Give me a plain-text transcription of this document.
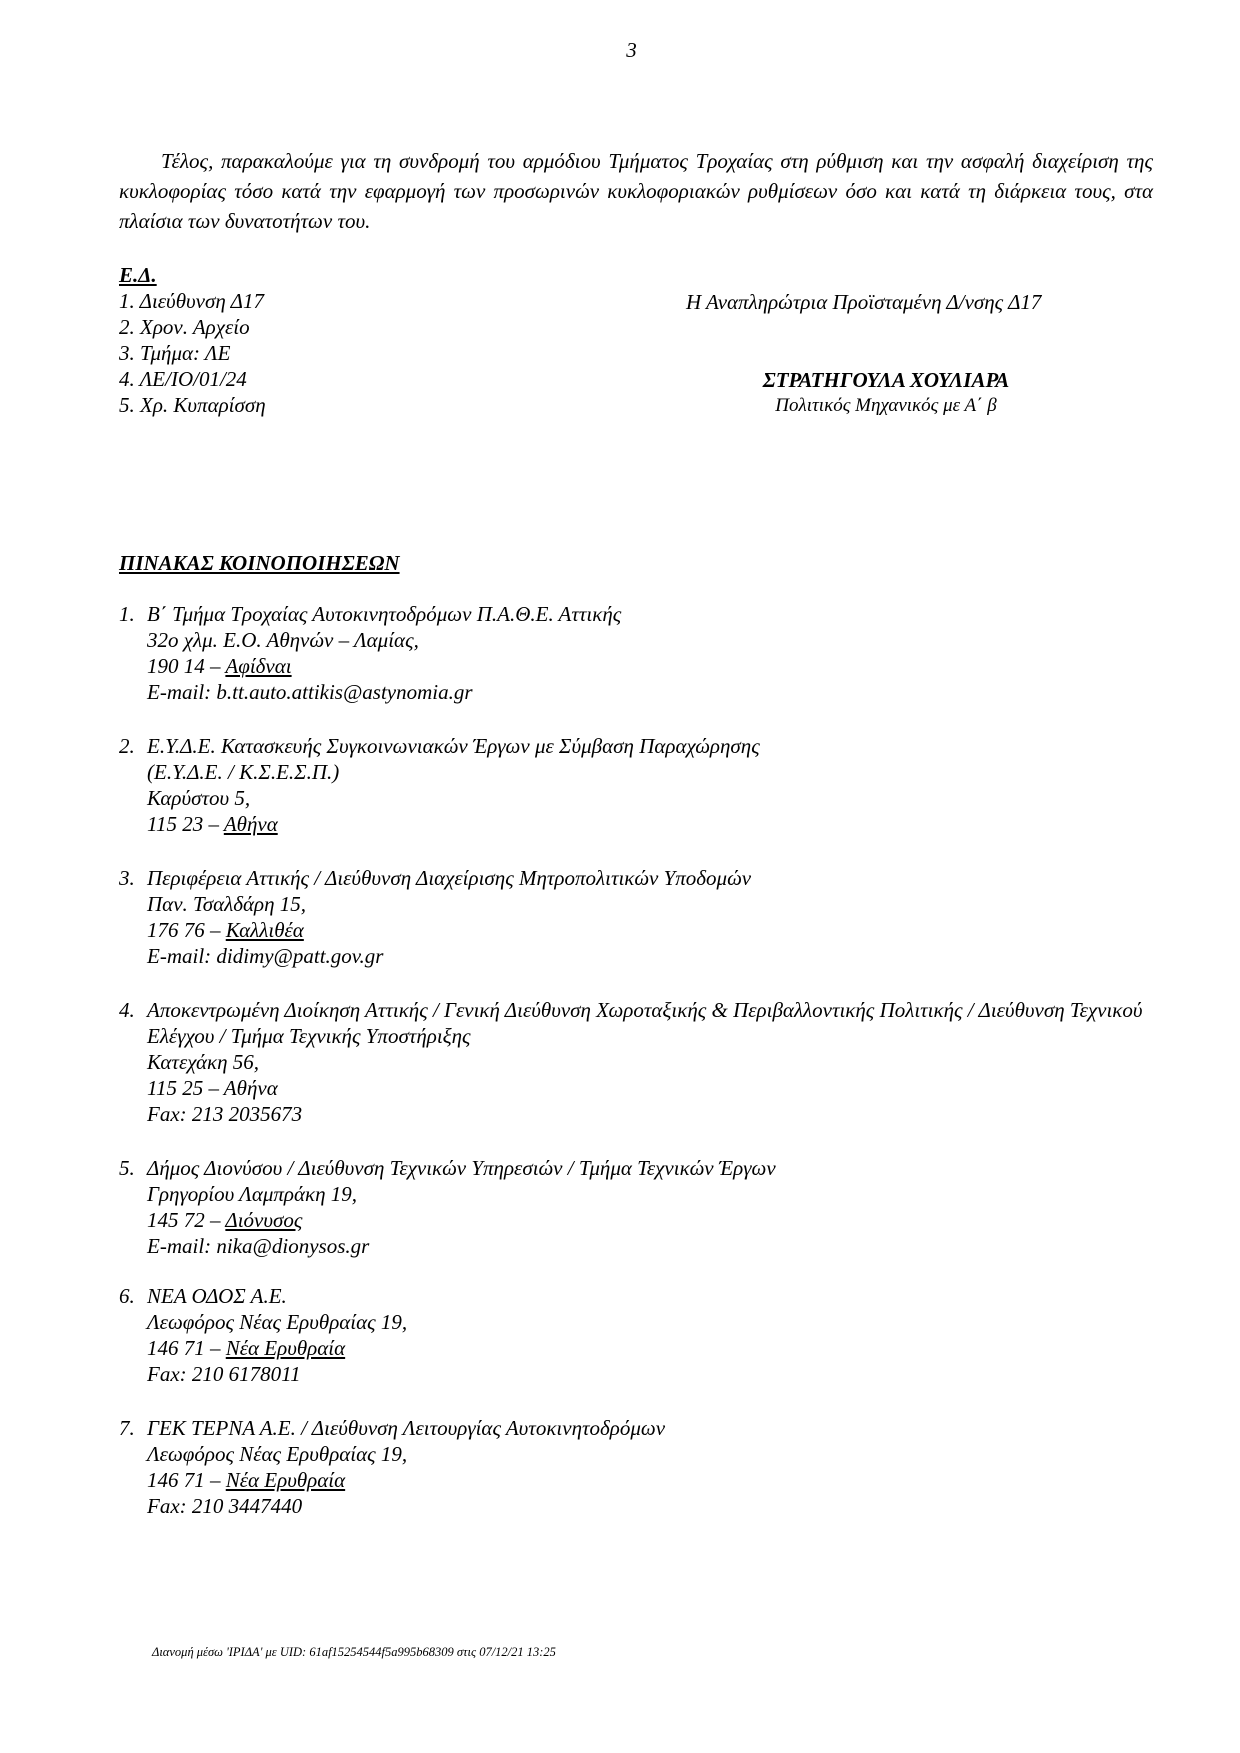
3

Τέλος, παρακαλούμε για τη συνδρομή του αρμόδιου Τμήματος Τροχαίας στη ρύθμιση και την ασφαλή διαχείριση της κυκλοφορίας τόσο κατά την εφαρμογή των προσωρινών κυκλοφοριακών ρυθμίσεων όσο και κατά τη διάρκεια τους, στα πλαίσια των δυνατοτήτων του.

Ε.Δ.
1. Διεύθυνση Δ17
2. Χρον. Αρχείο
3. Τμήμα: ΛΕ
4. ΛΕ/ΙΟ/01/24
5. Χρ. Κυπαρίσση
Η Αναπληρώτρια Προϊσταμένη Δ/νσης Δ17
ΣΤΡΑΤΗΓΟΥΛΑ ΧΟΥΛΙΑΡΑ
Πολιτικός Μηχανικός με Α΄ β
ΠΙΝΑΚΑΣ ΚΟΙΝΟΠΟΙΗΣΕΩΝ
1. Β΄ Τμήμα Τροχαίας Αυτοκινητοδρόμων Π.Α.Θ.Ε. Αττικής
32ο χλμ. Ε.Ο. Αθηνών – Λαμίας,
190 14 – Αφίδναι
E-mail: b.tt.auto.attikis@astynomia.gr
2. Ε.Υ.Δ.Ε. Κατασκευής Συγκοινωνιακών Έργων με Σύμβαση Παραχώρησης
(Ε.Υ.Δ.Ε. / Κ.Σ.Ε.Σ.Π.)
Καρύστου 5,
115 23 – Αθήνα
3. Περιφέρεια Αττικής / Διεύθυνση Διαχείρισης Μητροπολιτικών Υποδομών
Παν. Τσαλδάρη 15,
176 76 – Καλλιθέα
E-mail: didimy@patt.gov.gr
4. Αποκεντρωμένη Διοίκηση Αττικής / Γενική Διεύθυνση Χωροταξικής & Περιβαλλοντικής Πολιτικής / Διεύθυνση Τεχνικού Ελέγχου / Τμήμα Τεχνικής Υποστήριξης
Κατεχάκη 56,
115 25 – Αθήνα
Fax: 213 2035673
5. Δήμος Διονύσου / Διεύθυνση Τεχνικών Υπηρεσιών / Τμήμα Τεχνικών Έργων
Γρηγορίου Λαμπράκη 19,
145 72 – Διόνυσος
E-mail: nika@dionysos.gr
6. ΝΕΑ ΟΔΟΣ Α.Ε.
Λεωφόρος Νέας Ερυθραίας 19,
146 71 – Νέα Ερυθραία
Fax: 210 6178011
7. ΓΕΚ ΤΕΡΝΑ Α.Ε. / Διεύθυνση Λειτουργίας Αυτοκινητοδρόμων
Λεωφόρος Νέας Ερυθραίας 19,
146 71 – Νέα Ερυθραία
Fax: 210 3447440
Διανομή μέσω 'ΙΡΙΔΑ' με UID: 61af15254544f5a995b68309 στις 07/12/21 13:25
